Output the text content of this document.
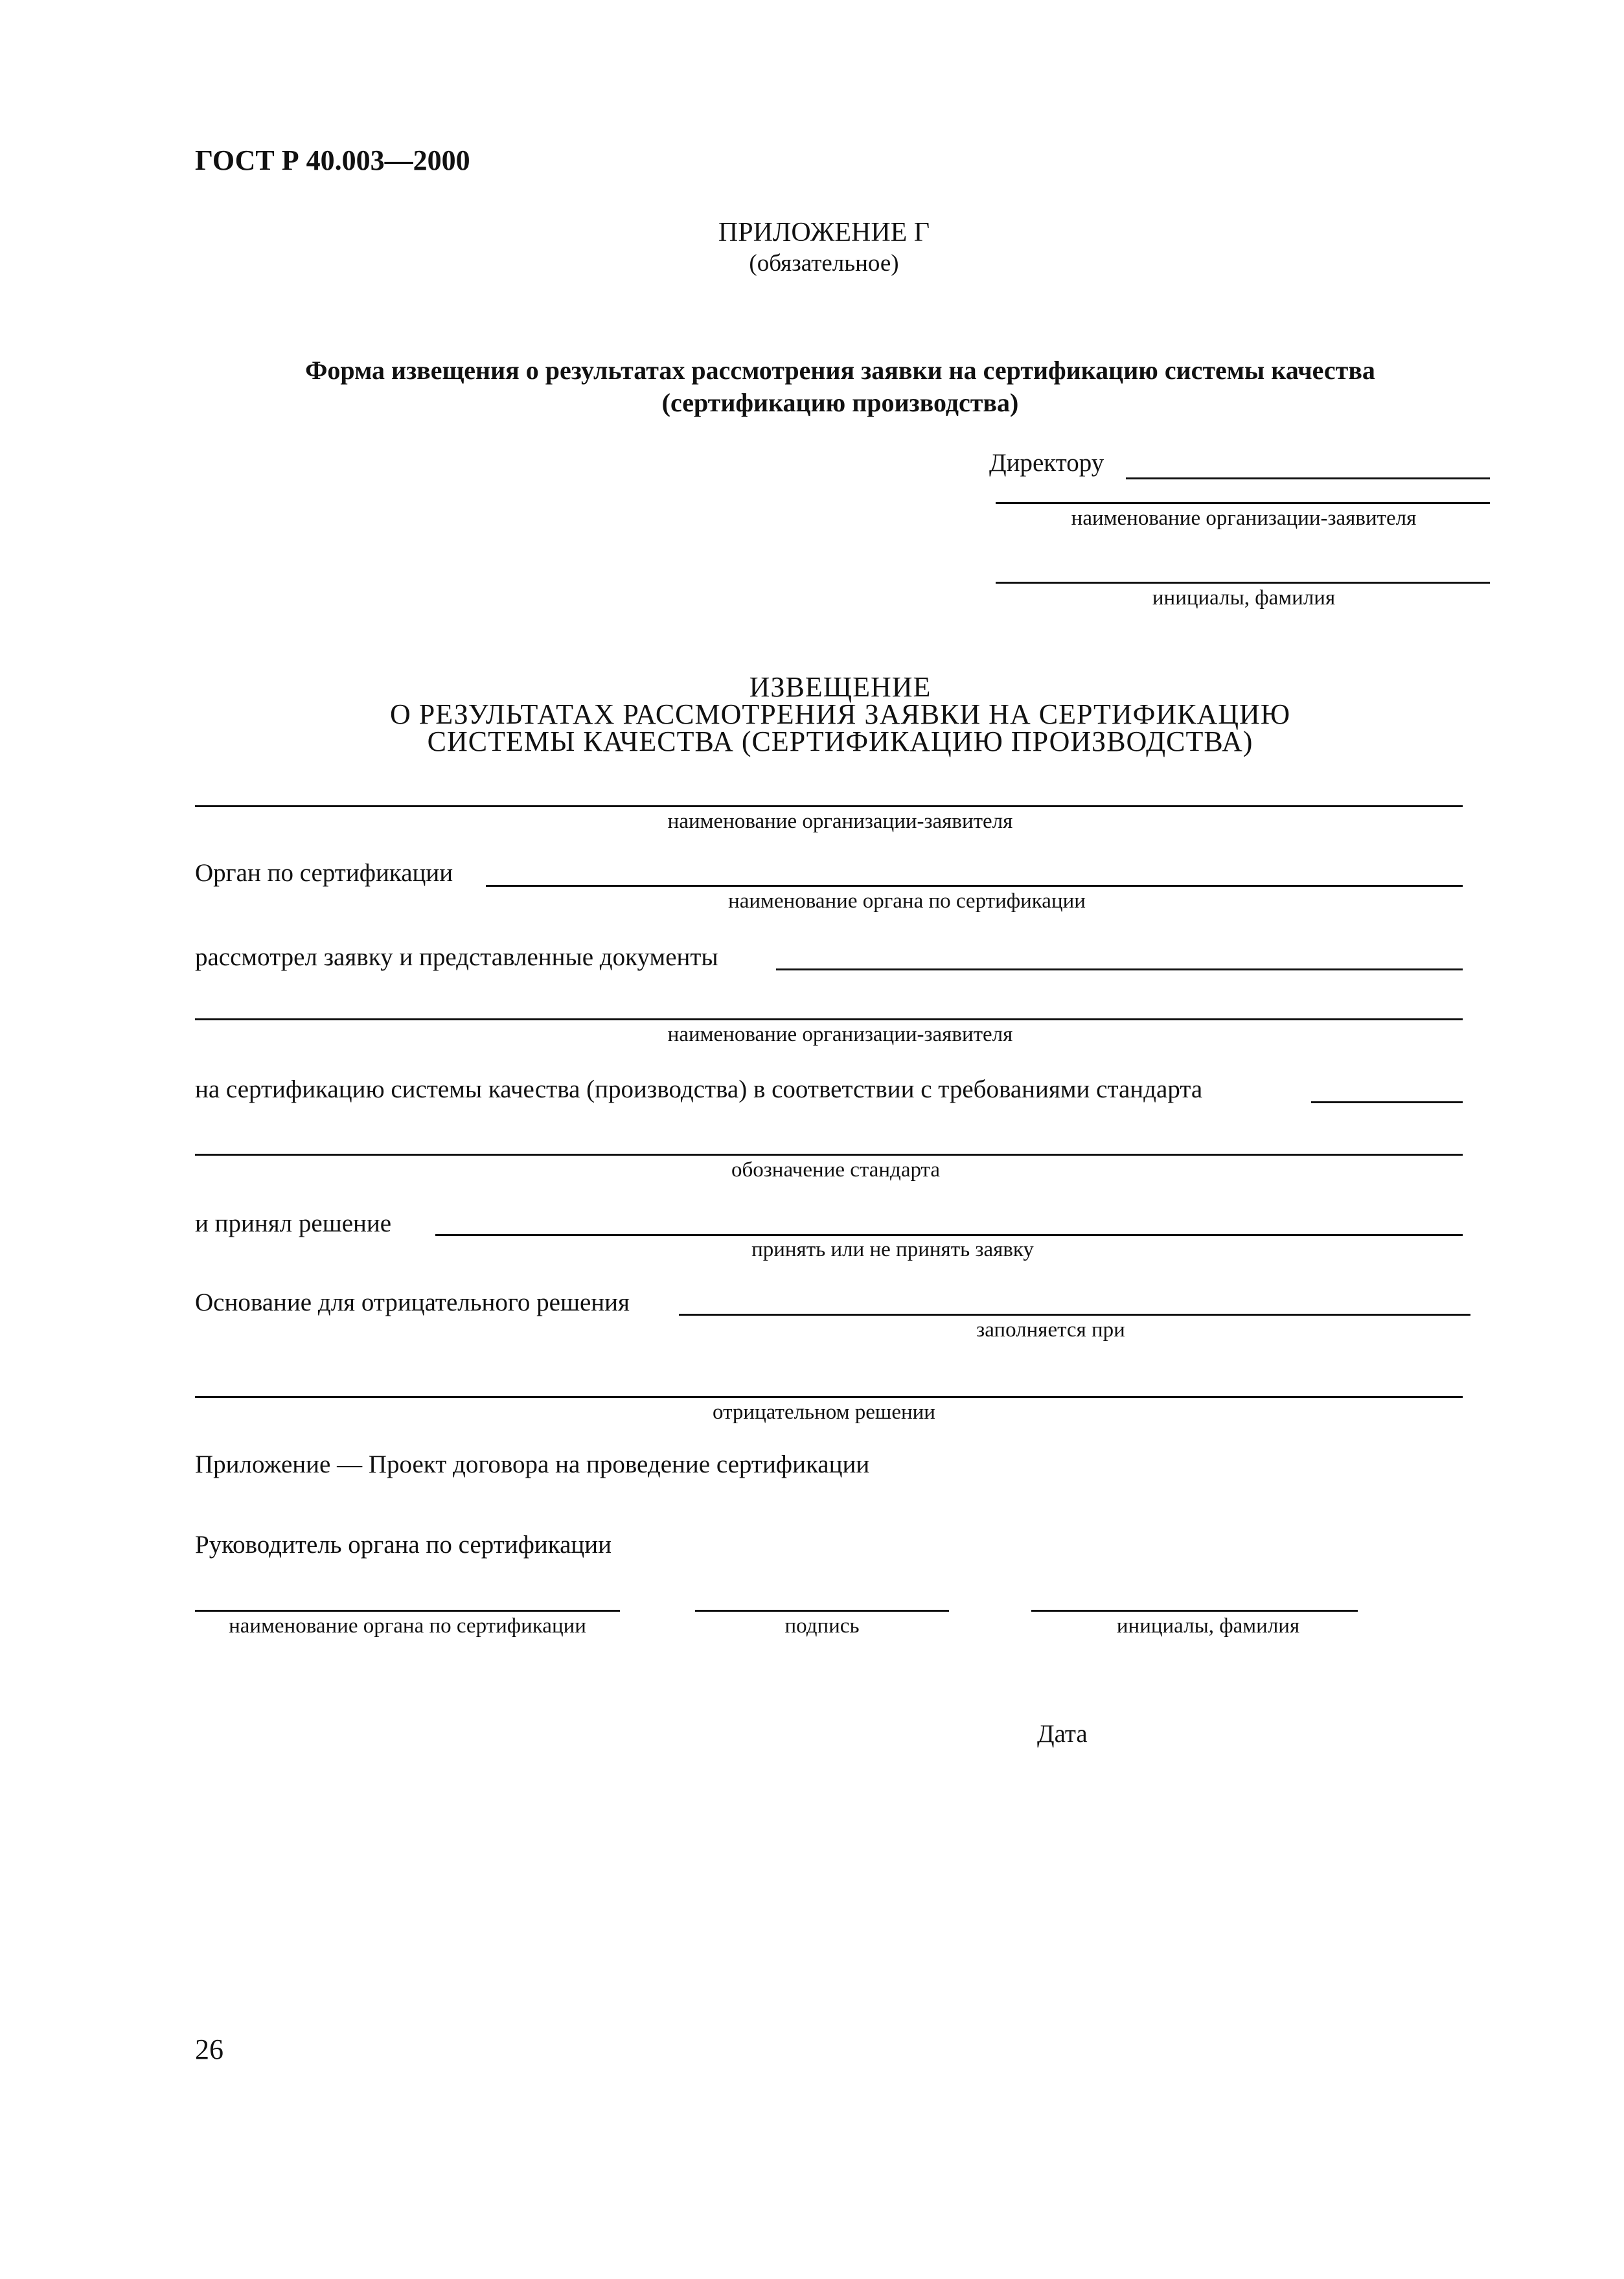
ГОСТ Р 40.003—2000
ПРИЛОЖЕНИЕ Г
(обязательное)
Форма извещения о результатах рассмотрения заявки на сертификацию системы качества
(сертификацию производства)
Директору
наименование организации-заявителя
инициалы, фамилия
ИЗВЕЩЕНИЕ
О РЕЗУЛЬТАТАХ РАССМОТРЕНИЯ ЗАЯВКИ НА СЕРТИФИКАЦИЮ
СИСТЕМЫ КАЧЕСТВА (СЕРТИФИКАЦИЮ ПРОИЗВОДСТВА)
наименование организации-заявителя
Орган по сертификации
наименование органа по сертификации
рассмотрел заявку и представленные документы
наименование организации-заявителя
на сертификацию системы качества (производства) в соответствии с требованиями стандарта
обозначение стандарта
и принял решение
принять или не принять заявку
Основание для отрицательного решения
заполняется при
отрицательном решении
Приложение — Проект договора на проведение сертификации
Руководитель органа по сертификации
наименование органа по сертификации	подпись	инициалы, фамилия
Дата
26
